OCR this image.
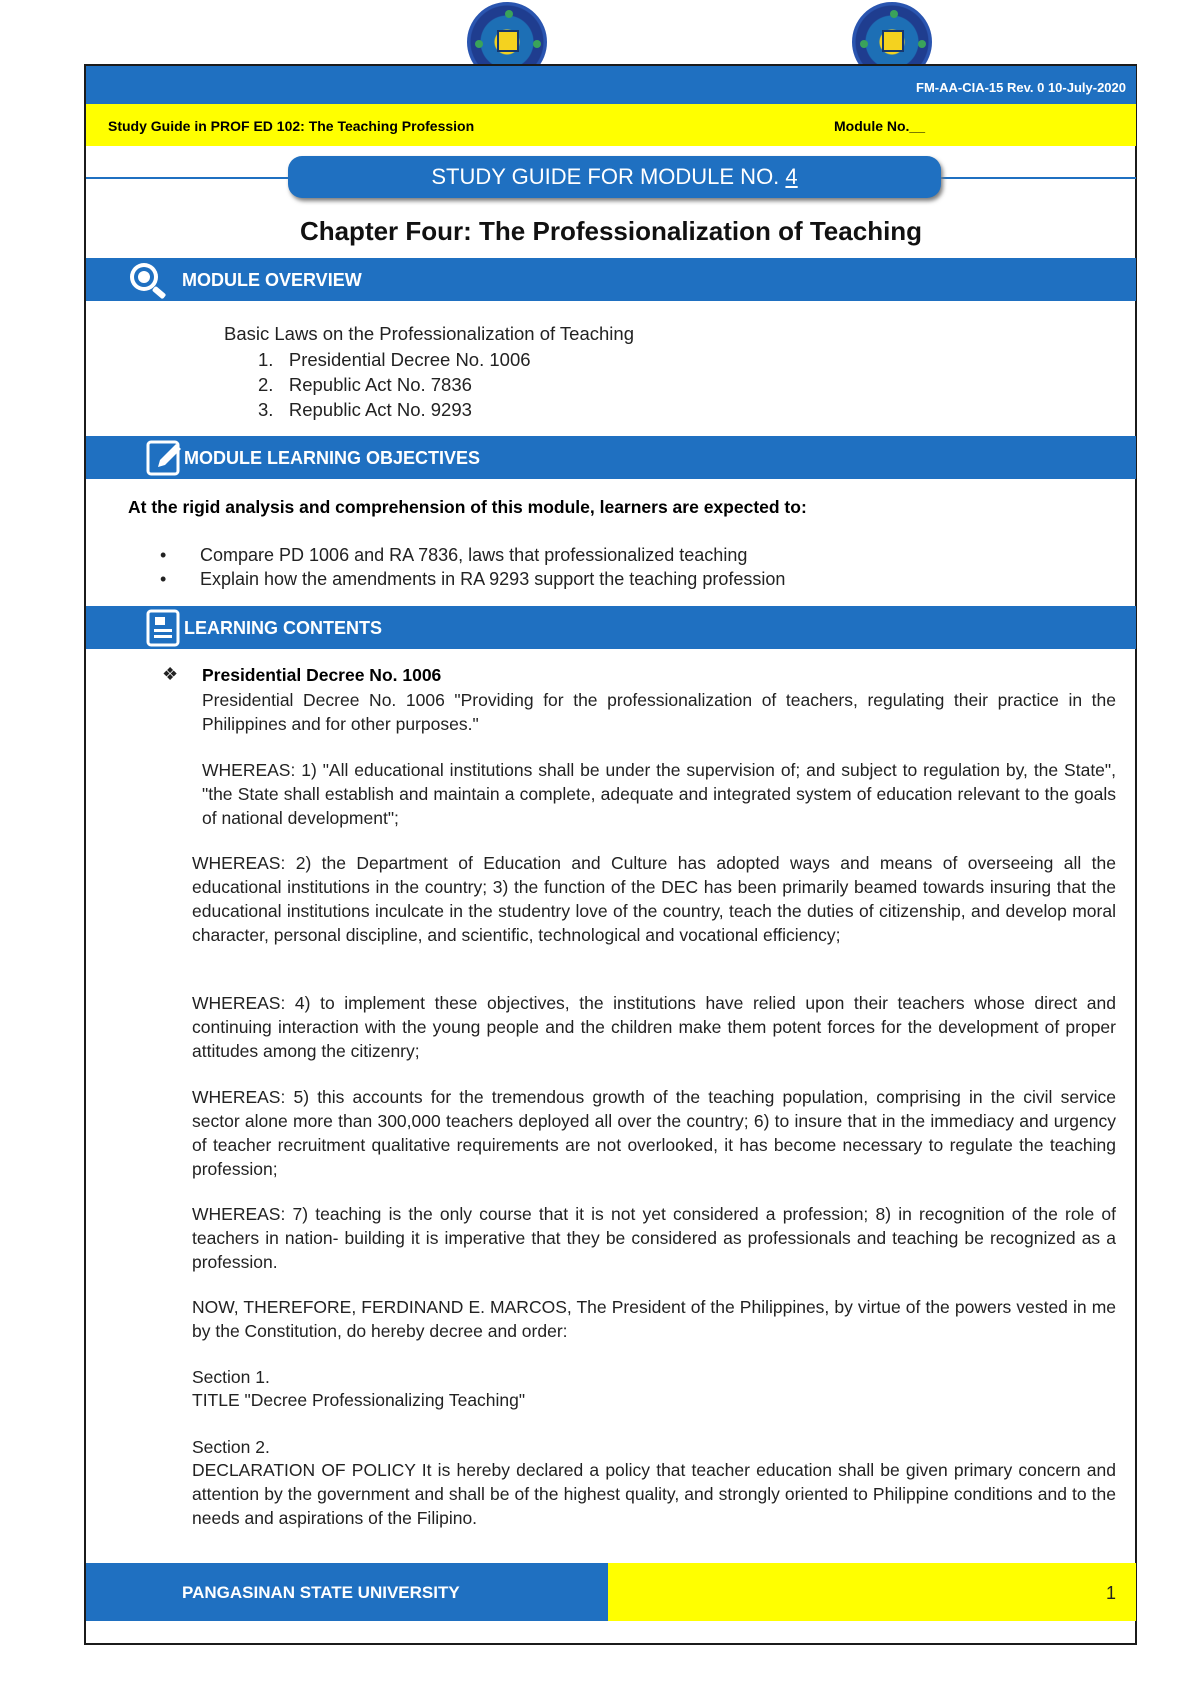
FM-AA-CIA-15 Rev. 0 10-July-2020
Study Guide in PROF ED 102: The Teaching Profession	Module No.__
STUDY GUIDE FOR MODULE NO. 4
Chapter Four: The Professionalization of Teaching
MODULE OVERVIEW
Basic Laws on the Professionalization of Teaching
1. Presidential Decree No. 1006
2. Republic Act No. 7836
3. Republic Act No. 9293
MODULE LEARNING OBJECTIVES
At the rigid analysis and comprehension of this module, learners are expected to:
• Compare PD 1006 and RA 7836, laws that professionalized teaching
• Explain how the amendments in RA 9293 support the teaching profession
LEARNING CONTENTS
❖ Presidential Decree No. 1006
Presidential Decree No. 1006 "Providing for the professionalization of teachers, regulating their practice in the Philippines and for other purposes."
WHEREAS: 1) "All educational institutions shall be under the supervision of; and subject to regulation by, the State", "the State shall establish and maintain a complete, adequate and integrated system of education relevant to the goals of national development";
WHEREAS: 2) the Department of Education and Culture has adopted ways and means of overseeing all the educational institutions in the country; 3) the function of the DEC has been primarily beamed towards insuring that the educational institutions inculcate in the studentry love of the country, teach the duties of citizenship, and develop moral character, personal discipline, and scientific, technological and vocational efficiency;
WHEREAS: 4) to implement these objectives, the institutions have relied upon their teachers whose direct and continuing interaction with the young people and the children make them potent forces for the development of proper attitudes among the citizenry;
WHEREAS: 5) this accounts for the tremendous growth of the teaching population, comprising in the civil service sector alone more than 300,000 teachers deployed all over the country; 6) to insure that in the immediacy and urgency of teacher recruitment qualitative requirements are not overlooked, it has become necessary to regulate the teaching profession;
WHEREAS: 7) teaching is the only course that it is not yet considered a profession; 8) in recognition of the role of teachers in nation- building it is imperative that they be considered as professionals and teaching be recognized as a profession.
NOW, THEREFORE, FERDINAND E. MARCOS, The President of the Philippines, by virtue of the powers vested in me by the Constitution, do hereby decree and order:
Section 1.
TITLE "Decree Professionalizing Teaching"
Section 2.
DECLARATION OF POLICY It is hereby declared a policy that teacher education shall be given primary concern and attention by the government and shall be of the highest quality, and strongly oriented to Philippine conditions and to the needs and aspirations of the Filipino.
PANGASINAN STATE UNIVERSITY	1
